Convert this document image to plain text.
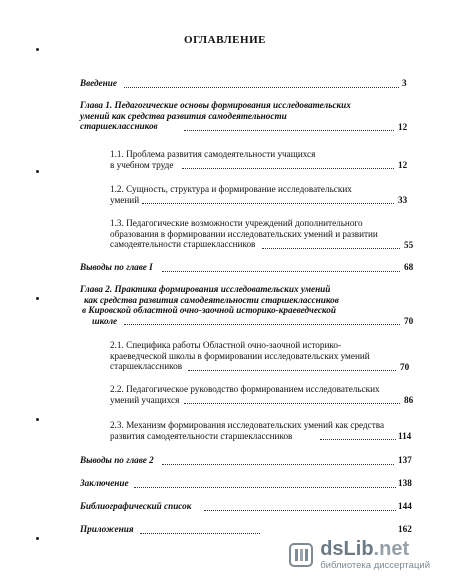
ОГЛАВЛЕНИЕ
Введение	3
Глава 1. Педагогические основы формирования исследовательских
умений как средства развития самодеятельности
старшеклассников	12
1.1. Проблема развития самодеятельности учащихся
в учебном труде	12
1.2. Сущность, структура и формирование исследовательских
умений	33
1.3. Педагогические возможности учреждений дополнительного
образования в формировании исследовательских умений и развитии
самодеятельности старшеклассников	55
Выводы по главе I	68
Глава 2. Практика формирования исследовательских умений
как средства развития самодеятельности старшеклассников
в Кировской областной очно-заочной историко-краеведческой
школе	70
2.1. Специфика работы Областной очно-заочной историко-
краеведческой школы в формировании исследовательских умений
старшеклассников	70
2.2. Педагогическое руководство формированием исследовательских
умений учащихся	86
2.3. Механизм формирования исследовательских умений как средства
развития самодеятельности старшеклассников	114
Выводы по главе 2	137
Заключение	138
Библиографический список	144
Приложения	162
dsLib.net
библиотека диссертаций
